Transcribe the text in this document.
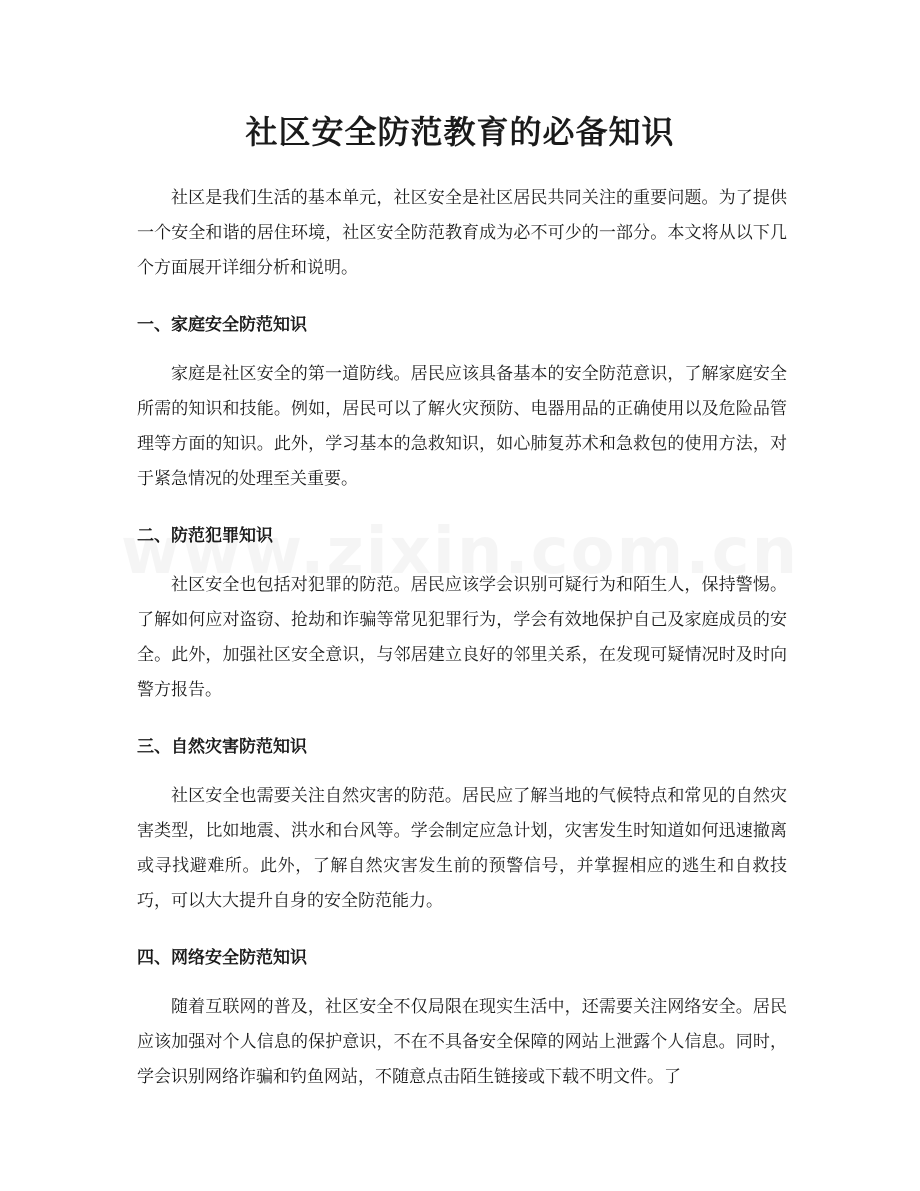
社区安全防范教育的必备知识

社区是我们生活的基本单元，社区安全是社区居民共同关注的重要问题。为了提供一个安全和谐的居住环境，社区安全防范教育成为必不可少的一部分。本文将从以下几个方面展开详细分析和说明。

一、家庭安全防范知识

家庭是社区安全的第一道防线。居民应该具备基本的安全防范意识，了解家庭安全所需的知识和技能。例如，居民可以了解火灾预防、电器用品的正确使用以及危险品管理等方面的知识。此外，学习基本的急救知识，如心肺复苏术和急救包的使用方法，对于紧急情况的处理至关重要。

二、防范犯罪知识

社区安全也包括对犯罪的防范。居民应该学会识别可疑行为和陌生人，保持警惕。了解如何应对盗窃、抢劫和诈骗等常见犯罪行为，学会有效地保护自己及家庭成员的安全。此外，加强社区安全意识，与邻居建立良好的邻里关系，在发现可疑情况时及时向警方报告。

三、自然灾害防范知识

社区安全也需要关注自然灾害的防范。居民应了解当地的气候特点和常见的自然灾害类型，比如地震、洪水和台风等。学会制定应急计划，灾害发生时知道如何迅速撤离或寻找避难所。此外，了解自然灾害发生前的预警信号，并掌握相应的逃生和自救技巧，可以大大提升自身的安全防范能力。

四、网络安全防范知识

随着互联网的普及，社区安全不仅局限在现实生活中，还需要关注网络安全。居民应该加强对个人信息的保护意识，不在不具备安全保障的网站上泄露个人信息。同时，学会识别网络诈骗和钓鱼网站，不随意点击陌生链接或下载不明文件。了
